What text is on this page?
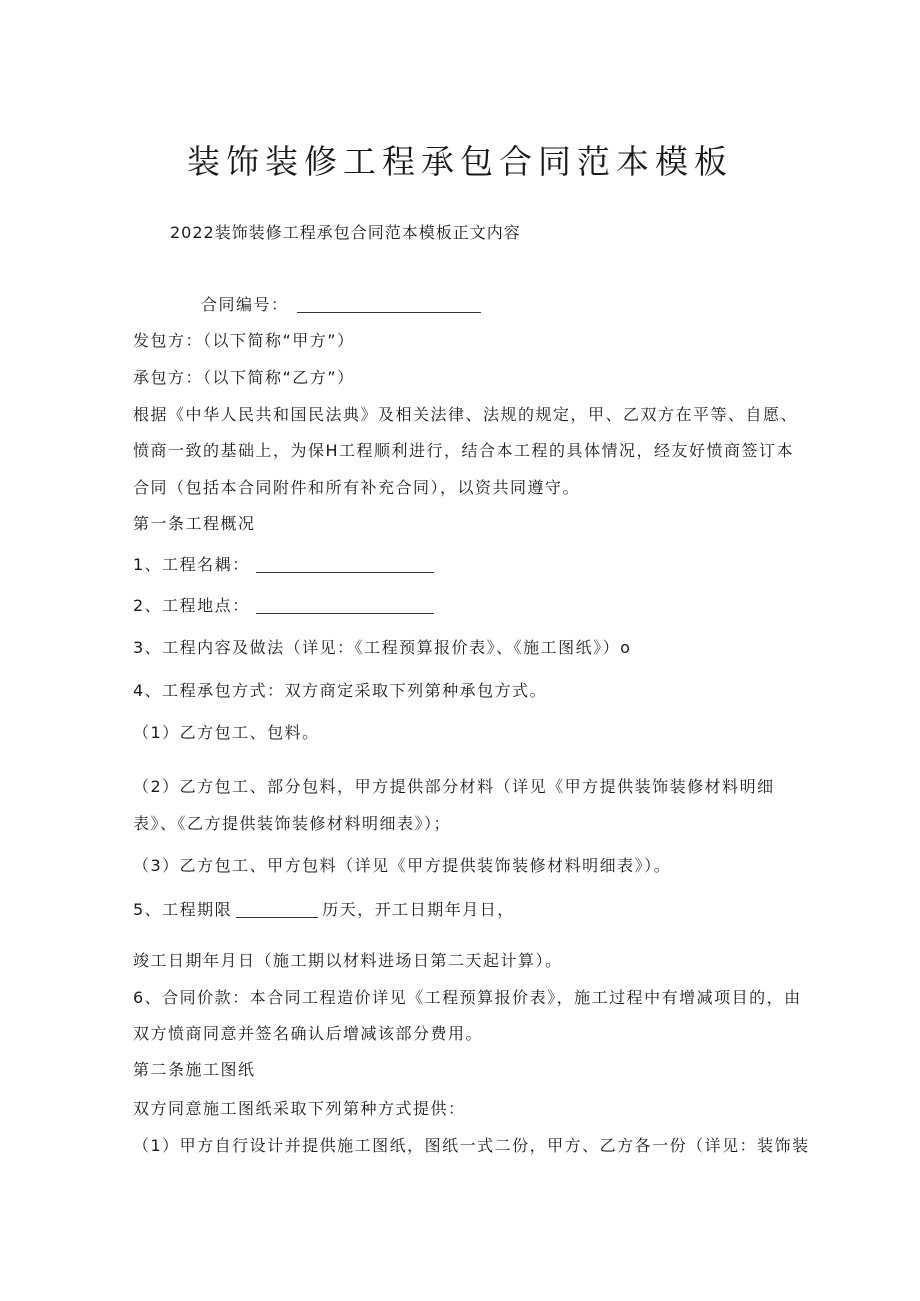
装饰装修工程承包合同范本模板
2022装饰装修工程承包合同范本模板正文内容
合同编号：
发包方：（以下简称“甲方”）
承包方：（以下简称“乙方”）
根据《中华人民共和国民法典》及相关法律、法规的规定，甲、乙双方在平等、自愿、
愤商一致的基础上，为保H工程顺利进行，结合本工程的具体情况，经友好愤商签订本
合同（包括本合同附件和所有补充合同），以资共同遵守。
第一条工程概况
1、工程名耦：
2、工程地点：
3、工程内容及做法（详见：《工程预算报价表》、《施工图纸》）o
4、工程承包方式：双方商定采取下列第种承包方式。
（1）乙方包工、包料。
（2）乙方包工、部分包料，甲方提供部分材料（详见《甲方提供装饰装修材料明细
表》、《乙方提供装饰装修材料明细表》）；
（3）乙方包工、甲方包料（详见《甲方提供装饰装修材料明细表》）。
5、工程期限	历天，开工日期年月日，
竣工日期年月日（施工期以材料进场日第二天起计算）。
6、合同价款：本合同工程造价详见《工程预算报价表》，施工过程中有增减项目的，由
双方愤商同意并签名确认后增减该部分费用。
第二条施工图纸
双方同意施工图纸采取下列第种方式提供：
（1）甲方自行设计并提供施工图纸，图纸一式二份，甲方、乙方各一份（详见：装饰装
